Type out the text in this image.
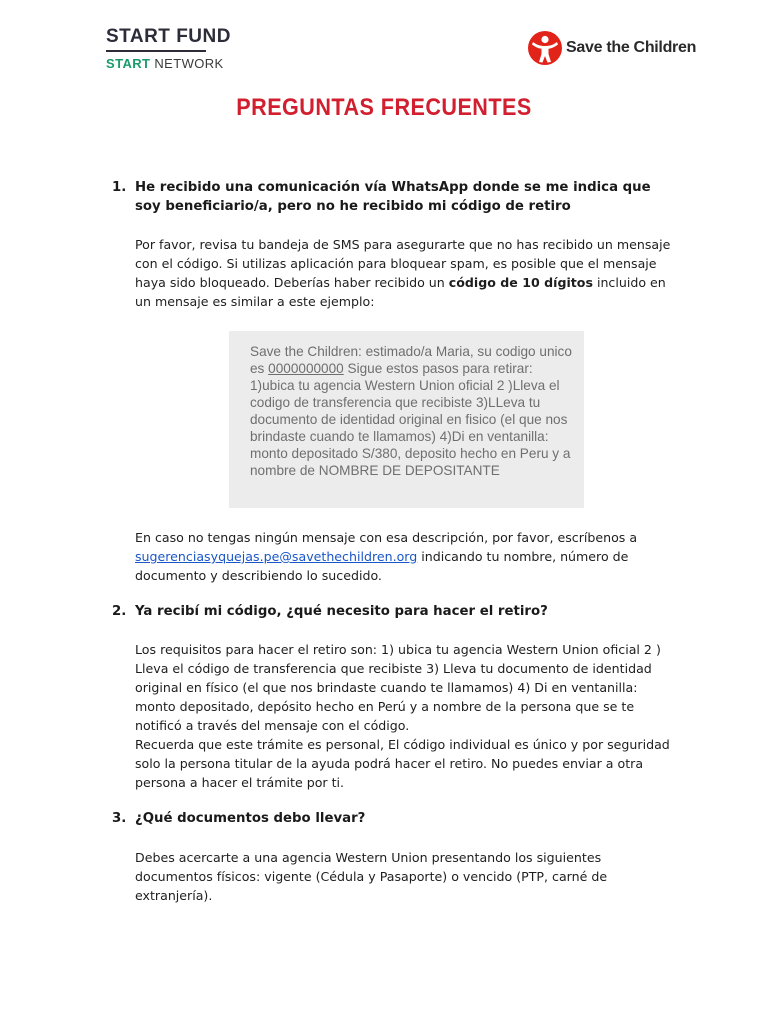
START FUND
START NETWORK
Save the Children
PREGUNTAS FRECUENTES
1. He recibido una comunicación vía WhatsApp donde se me indica que soy beneficiario/a, pero no he recibido mi código de retiro
Por favor, revisa tu bandeja de SMS para asegurarte que no has recibido un mensaje con el código. Si utilizas aplicación para bloquear spam, es posible que el mensaje haya sido bloqueado. Deberías haber recibido un código de 10 dígitos incluido en un mensaje es similar a este ejemplo:
Save the Children: estimado/a Maria, su codigo unico es 0000000000 Sigue estos pasos para retirar: 1)ubica tu agencia Western Union oficial 2 )Lleva el codigo de transferencia que recibiste 3)LLeva tu documento de identidad original en fisico (el que nos brindaste cuando te llamamos) 4)Di en ventanilla: monto depositado S/380, deposito hecho en Peru y a nombre de NOMBRE DE DEPOSITANTE
En caso no tengas ningún mensaje con esa descripción, por favor, escríbenos a sugerenciasyquejas.pe@savethechildren.org indicando tu nombre, número de documento y describiendo lo sucedido.
2. Ya recibí mi código, ¿qué necesito para hacer el retiro?
Los requisitos para hacer el retiro son: 1) ubica tu agencia Western Union oficial 2 ) Lleva el código de transferencia que recibiste 3) Lleva tu documento de identidad original en físico (el que nos brindaste cuando te llamamos) 4) Di en ventanilla: monto depositado, depósito hecho en Perú y a nombre de la persona que se te notificó a través del mensaje con el código.
Recuerda que este trámite es personal, El código individual es único y por seguridad solo la persona titular de la ayuda podrá hacer el retiro. No puedes enviar a otra persona a hacer el trámite por ti.
3. ¿Qué documentos debo llevar?
Debes acercarte a una agencia Western Union presentando los siguientes documentos físicos: vigente (Cédula y Pasaporte) o vencido (PTP, carné de extranjería).
